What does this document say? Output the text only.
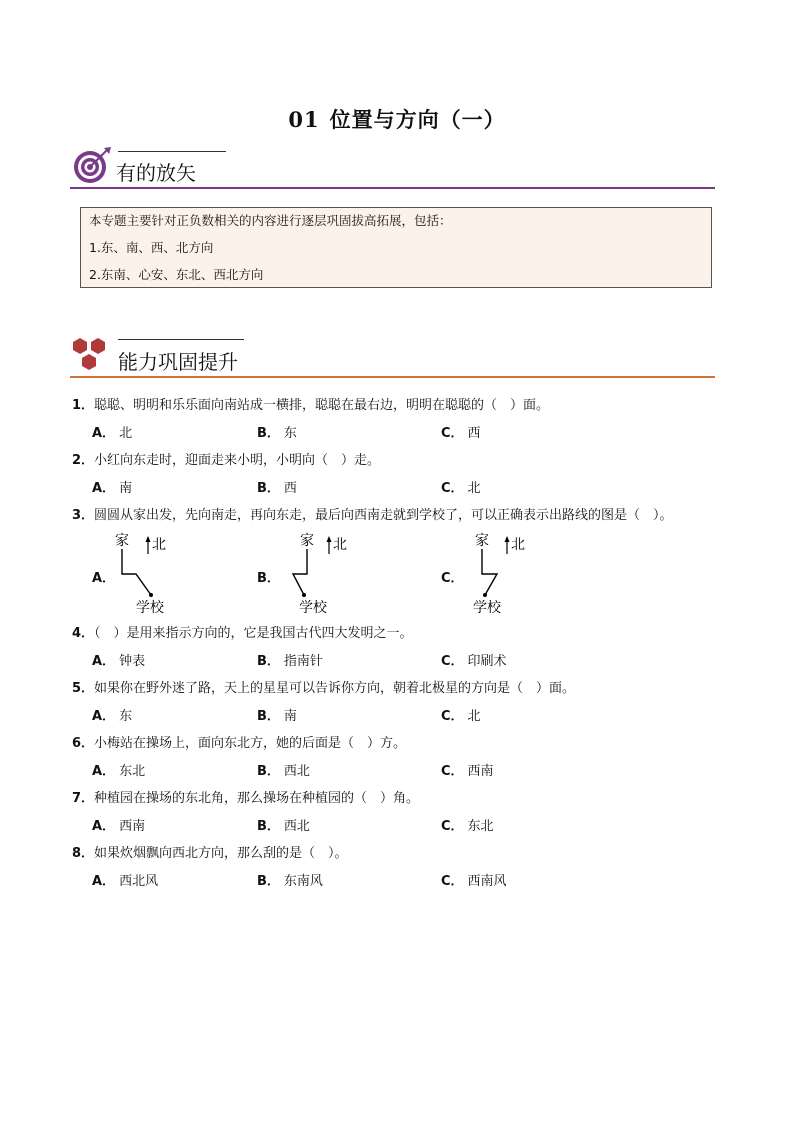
01 位置与方向（一）
有的放矢
本专题主要针对正负数相关的内容进行逐层巩固拔高拓展，包括：
1.东、南、西、北方向
2.东南、心安、东北、西北方向
能力巩固提升
1．聪聪、明明和乐乐面向南站成一横排，聪聪在最右边，明明在聪聪的（　）面。
A． 北	B． 东	C． 西
2．小红向东走时，迎面走来小明，小明向（　）走。
A． 南	B． 西	C． 北
3．圆圆从家出发，先向南走，再向东走，最后向西南走就到学校了，可以正确表示出路线的图是（　）。
A．
家
学校
北
B．
家
学校
北
C．
家
学校
北
4．（　）是用来指示方向的，它是我国古代四大发明之一。
A． 钟表	B． 指南针	C． 印刷术
5．如果你在野外迷了路，天上的星星可以告诉你方向，朝着北极星的方向是（　）面。
A． 东	B． 南	C． 北
6．小梅站在操场上，面向东北方，她的后面是（　）方。
A． 东北	B． 西北	C． 西南
7．种植园在操场的东北角，那么操场在种植园的（　）角。
A． 西南	B． 西北	C． 东北
8．如果炊烟飘向西北方向，那么刮的是（　）。
A． 西北风	B． 东南风	C． 西南风
